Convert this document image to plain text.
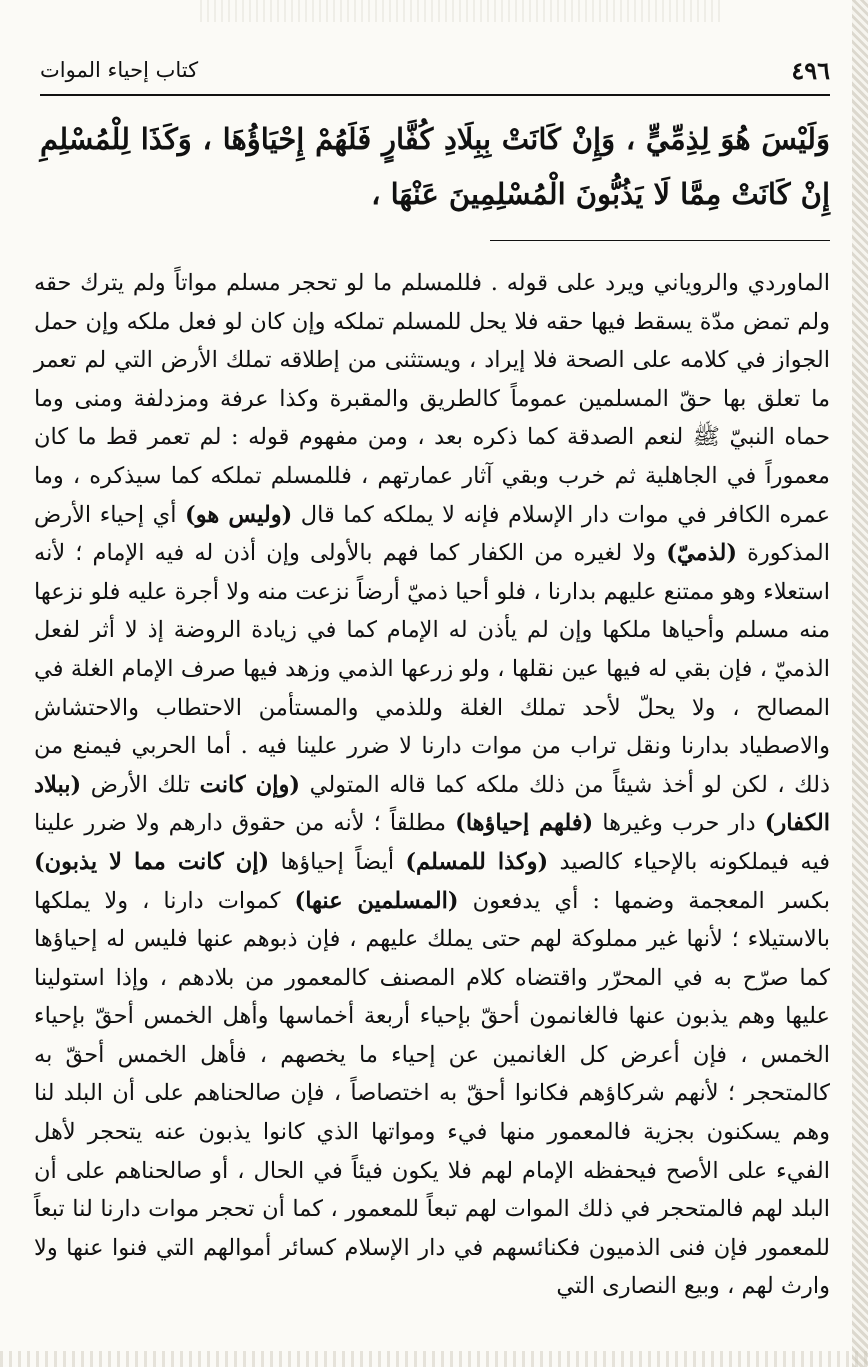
٤٩٦
كتاب إحياء الموات

وَلَيْسَ هُوَ لِذِمِّيٍّ ، وَإِنْ كَانَتْ بِبِلَادِ كُفَّارٍ فَلَهُمْ إِحْيَاؤُهَا ، وَكَذَا لِلْمُسْلِمِ إِنْ كَانَتْ مِمَّا لَا يَذُبُّونَ الْمُسْلِمِينَ عَنْهَا ،

الماوردي والروياني ويرد على قوله . فللمسلم ما لو تحجر مسلم مواتاً ولم يترك حقه ولم تمض مدّة يسقط فيها حقه فلا يحل للمسلم تملكه وإن كان لو فعل ملكه وإن حمل الجواز في كلامه على الصحة فلا إيراد ، ويستثنى من إطلاقه تملك الأرض التي لم تعمر ما تعلق بها حقّ المسلمين عموماً كالطريق والمقبرة وكذا عرفة ومزدلفة ومنى وما حماه النبيّ ﷺ لنعم الصدقة كما ذكره بعد ، ومن مفهوم قوله : لم تعمر قط ما كان معموراً في الجاهلية ثم خرب وبقي آثار عمارتهم ، فللمسلم تملكه كما سيذكره ، وما عمره الكافر في موات دار الإسلام فإنه لا يملكه كما قال (وليس هو) أي إحياء الأرض المذكورة (لذميّ) ولا لغيره من الكفار كما فهم بالأولى وإن أذن له فيه الإمام ؛ لأنه استعلاء وهو ممتنع عليهم بدارنا ، فلو أحيا ذميّ أرضاً نزعت منه ولا أجرة عليه فلو نزعها منه مسلم وأحياها ملكها وإن لم يأذن له الإمام كما في زيادة الروضة إذ لا أثر لفعل الذميّ ، فإن بقي له فيها عين نقلها ، ولو زرعها الذمي وزهد فيها صرف الإمام الغلة في المصالح ، ولا يحلّ لأحد تملك الغلة وللذمي والمستأمن الاحتطاب والاحتشاش والاصطياد بدارنا ونقل تراب من موات دارنا لا ضرر علينا فيه . أما الحربي فيمنع من ذلك ، لكن لو أخذ شيئاً من ذلك ملكه كما قاله المتولي (وإن كانت تلك الأرض (ببلاد الكفار) دار حرب وغيرها (فلهم إحياؤها) مطلقاً ؛ لأنه من حقوق دارهم ولا ضرر علينا فيه فيملكونه بالإحياء كالصيد (وكذا للمسلم) أيضاً إحياؤها (إن كانت مما لا يذبون) بكسر المعجمة وضمها : أي يدفعون (المسلمين عنها) كموات دارنا ، ولا يملكها بالاستيلاء ؛ لأنها غير مملوكة لهم حتى يملك عليهم ، فإن ذبوهم عنها فليس له إحياؤها كما صرّح به في المحرّر واقتضاه كلام المصنف كالمعمور من بلادهم ، وإذا استولينا عليها وهم يذبون عنها فالغانمون أحقّ بإحياء أربعة أخماسها وأهل الخمس أحقّ بإحياء الخمس ، فإن أعرض كل الغانمين عن إحياء ما يخصهم ، فأهل الخمس أحقّ به كالمتحجر ؛ لأنهم شركاؤهم فكانوا أحقّ به اختصاصاً ، فإن صالحناهم على أن البلد لنا وهم يسكنون بجزية فالمعمور منها فيء ومواتها الذي كانوا يذبون عنه يتحجر لأهل الفيء على الأصح فيحفظه الإمام لهم فلا يكون فيئاً في الحال ، أو صالحناهم على أن البلد لهم فالمتحجر في ذلك الموات لهم تبعاً للمعمور ، كما أن تحجر موات دارنا لنا تبعاً للمعمور فإن فنى الذميون فكنائسهم في دار الإسلام كسائر أموالهم التي فنوا عنها ولا وارث لهم ، وبيع النصارى التي
